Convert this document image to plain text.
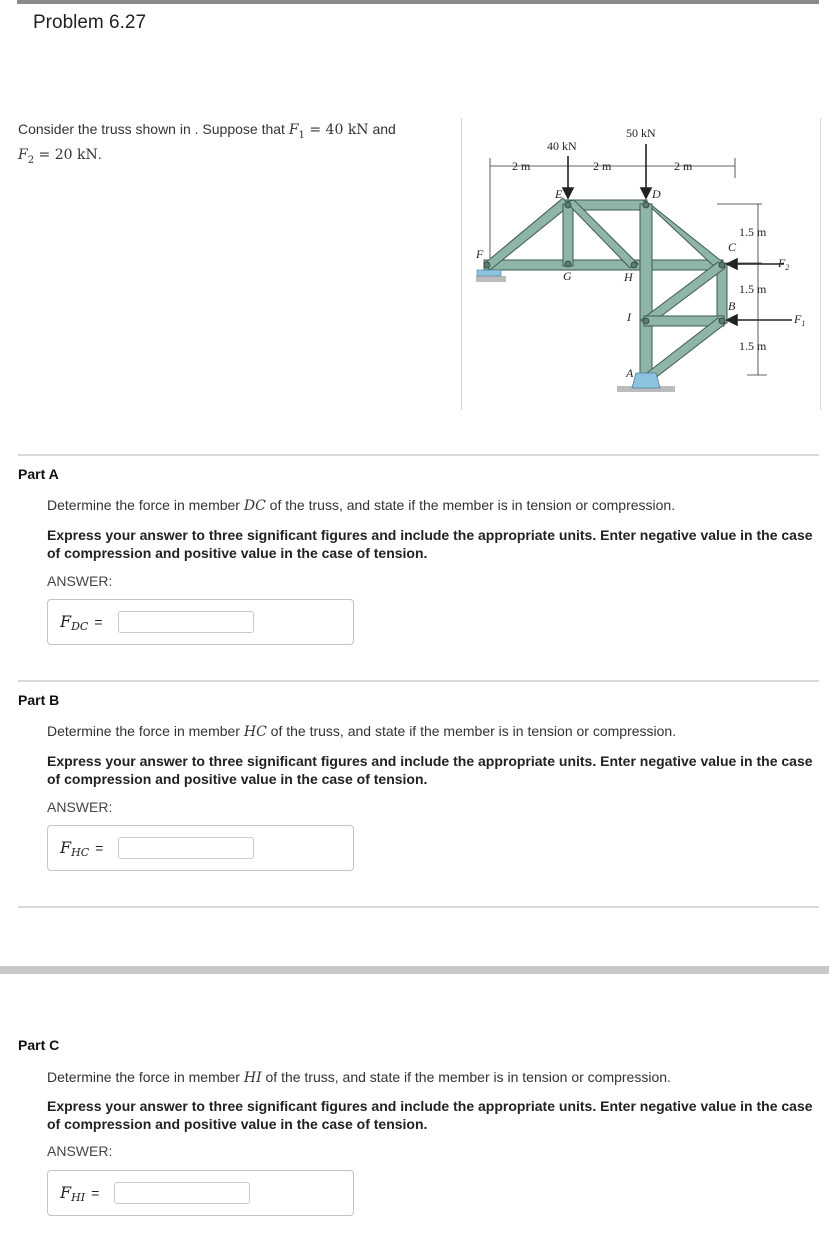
Problem 6.27
Consider the truss shown in . Suppose that $F_1 = 40$ kN and
$F_2 = 20$ kN.	40 kN
50 kN
2 m	2 m	2 m
1.5 m
1.5 m
1.5 m
E	D
F
G	H
C
B
I
A
$F_2$
$F_1$
Part A
Determine the force in member DC of the truss, and state if the member is in tension or compression.
Express your answer to three significant figures and include the appropriate units. Enter negative value in the case of compression and positive value in the case of tension.
ANSWER:
$F_{DC}$ =
Part B
Determine the force in member HC of the truss, and state if the member is in tension or compression.
Express your answer to three significant figures and include the appropriate units. Enter negative value in the case of compression and positive value in the case of tension.
ANSWER:
$F_{HC}$ =
Part C
Determine the force in member HI of the truss, and state if the member is in tension or compression.
Express your answer to three significant figures and include the appropriate units. Enter negative value in the case of compression and positive value in the case of tension.
ANSWER:
$F_{HI}$ =
